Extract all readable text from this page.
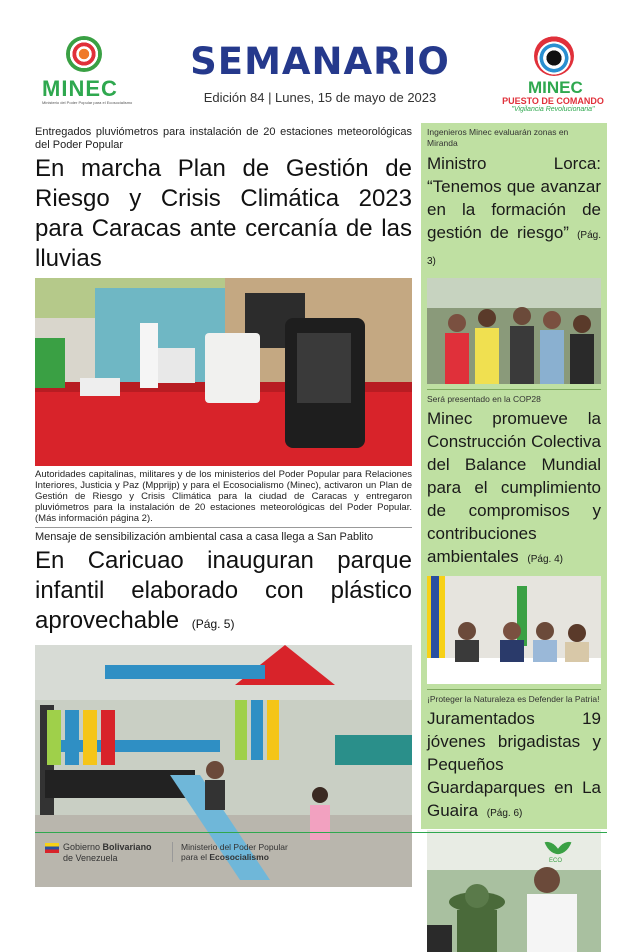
MINEC
Ministerio del Poder Popular para el Ecosocialismo
SEMANARIO
Edición 84 | Lunes, 15 de mayo de 2023
MINEC
PUESTO DE COMANDO
"Vigilancia Revolucionaria"
Entregados pluviómetros para instalación de 20 estaciones meteorológicas del Poder Popular
En marcha Plan de Gestión de Riesgo y Crisis Climática 2023 para Caracas ante cercanía de las lluvias
Autoridades capitalinas, militares y de los ministerios del Poder Popular para Relaciones Interiores, Justicia y Paz (Mpprijp) y para el Ecosocialismo (Minec), activaron un Plan de Gestión de Riesgo y Crisis Climática para la ciudad de Caracas y entregaron pluviómetros para la instalación de 20 estaciones meteorológicas del Poder Popular. (Más información página 2).
Mensaje de sensibilización ambiental casa a casa llega a San Pablito
En Caricuao inauguran parque infantil elaborado con plástico aprovechable (Pág. 5)
Ingenieros Minec evaluarán zonas en Miranda
Ministro Lorca: “Tenemos que avanzar en la formación de gestión de riesgo” (Pág. 3)
Será presentado en la COP28
Minec promueve la Construcción Colectiva del Balance Mundial para el cumplimiento de compromisos y contribuciones ambientales (Pág. 4)
¡Proteger la Naturaleza es Defender la Patria!
Juramentados 19 jóvenes brigadistas y Pequeños Guardaparques en La Guaira (Pág. 6)
Gobierno Bolivariano
de Venezuela
Ministerio del Poder Popular
para el Ecosocialismo	ECO
